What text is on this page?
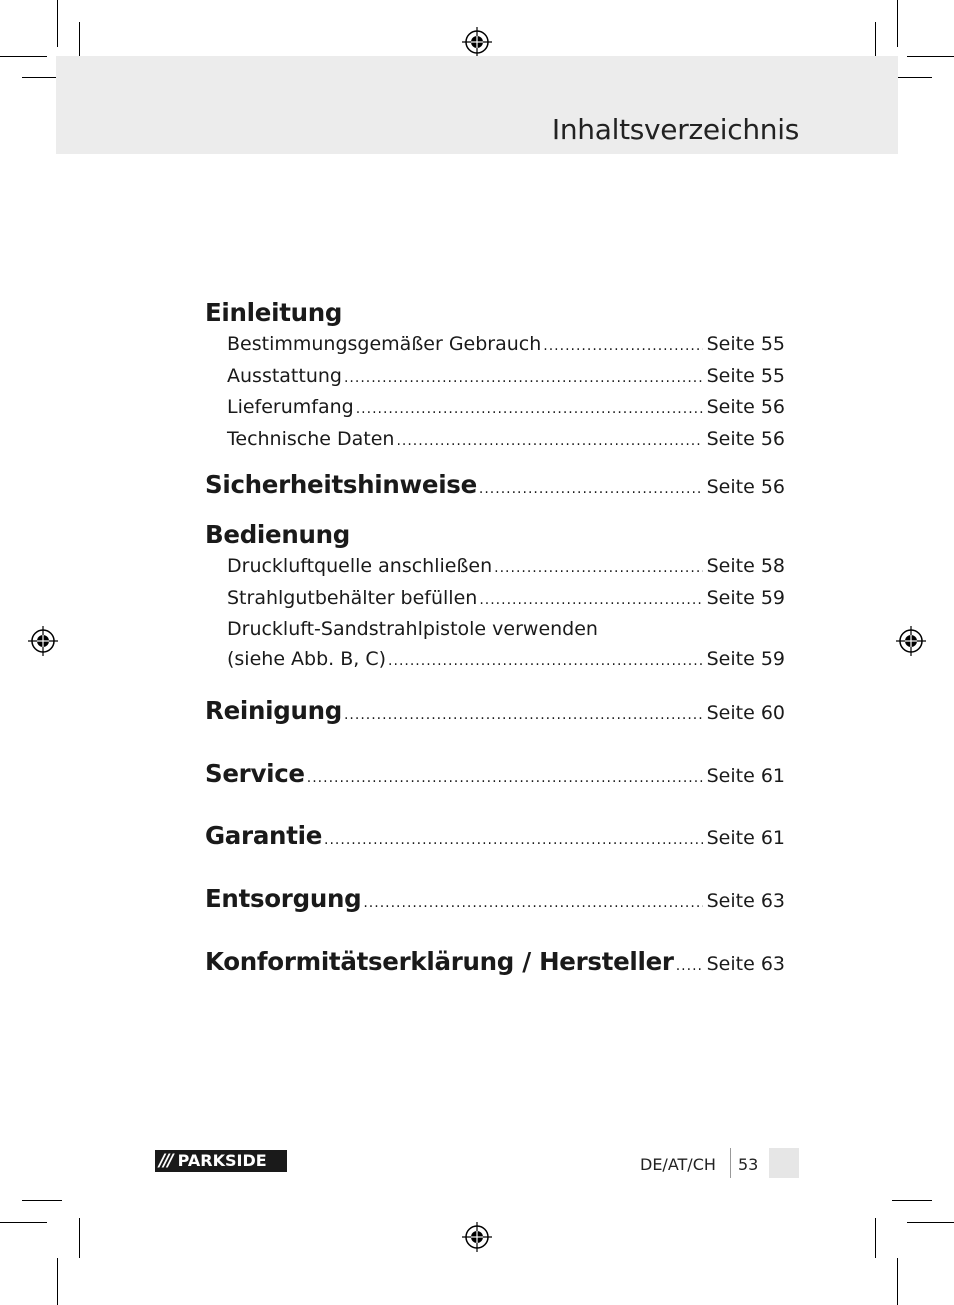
Inhaltsverzeichnis
Einleitung
Bestimmungsgemäßer Gebrauch .....	Seite 55
Ausstattung .....	Seite 55
Lieferumfang .....	Seite 56
Technische Daten .....	Seite 56
Sicherheitshinweise .....	Seite 56
Bedienung
Druckluftquelle anschließen .....	Seite 58
Strahlgutbehälter befüllen .....	Seite 59
Druckluft-Sandstrahlpistole verwenden
(siehe Abb. B, C) .....	Seite 59
Reinigung .....	Seite 60
Service .....	Seite 61
Garantie .....	Seite 61
Entsorgung .....	Seite 63
Konformitätserklärung / Hersteller ..... Seite 63
/// PARKSIDE	DE/AT/CH 53
